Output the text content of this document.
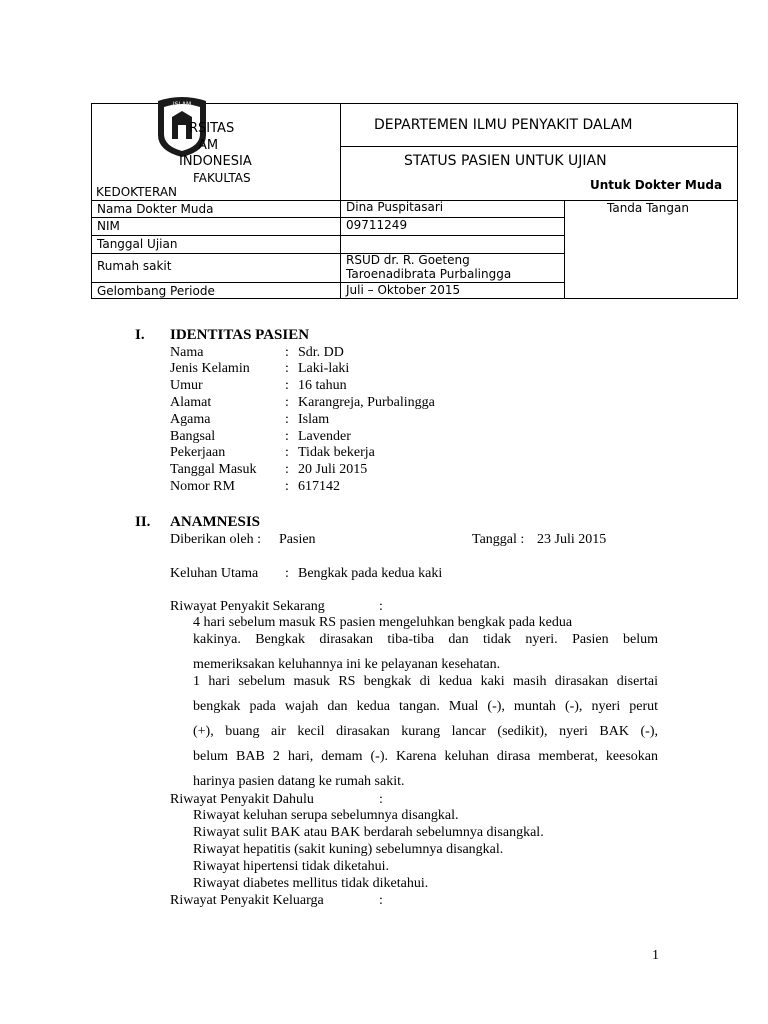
ISLAM
RSITAS
AM
INDONESIA
FAKULTAS
KEDOKTERAN
DEPARTEMEN ILMU PENYAKIT DALAM
STATUS PASIEN UNTUK UJIAN
Untuk Dokter Muda
Nama Dokter Muda	Dina Puspitasari
NIM	09711249
Tanggal Ujian
Rumah sakit	RSUD dr. R. Goeteng
Taroenadibrata Purbalingga
Gelombang Periode	Juli – Oktober 2015
Tanda Tangan
I. IDENTITAS PASIEN
Nama	: Sdr. DD
Jenis Kelamin	: Laki-laki
Umur	: 16 tahun
Alamat	: Karangreja, Purbalingga
Agama	: Islam
Bangsal	: Lavender
Pekerjaan	: Tidak bekerja
Tanggal Masuk : 20 Juli 2015
Nomor RM	: 617142
II. ANAMNESIS
Diberikan oleh : Pasien	Tanggal : 23 Juli 2015
Keluhan Utama : Bengkak pada kedua kaki
Riwayat Penyakit Sekarang	:
4 hari sebelum masuk RS pasien mengeluhkan bengkak pada kedua
kakinya. Bengkak dirasakan tiba-tiba dan tidak nyeri. Pasien belum
memeriksakan keluhannya ini ke pelayanan kesehatan.
1 hari sebelum masuk RS bengkak di kedua kaki masih dirasakan disertai
bengkak pada wajah dan kedua tangan. Mual (-), muntah (-), nyeri perut
(+), buang air kecil dirasakan kurang lancar (sedikit), nyeri BAK (-),
belum BAB 2 hari, demam (-). Karena keluhan dirasa memberat, keesokan
harinya pasien datang ke rumah sakit.
Riwayat Penyakit Dahulu	:
Riwayat keluhan serupa sebelumnya disangkal.
Riwayat sulit BAK atau BAK berdarah sebelumnya disangkal.
Riwayat hepatitis (sakit kuning) sebelumnya disangkal.
Riwayat hipertensi tidak diketahui.
Riwayat diabetes mellitus tidak diketahui.
Riwayat Penyakit Keluarga	:
1
